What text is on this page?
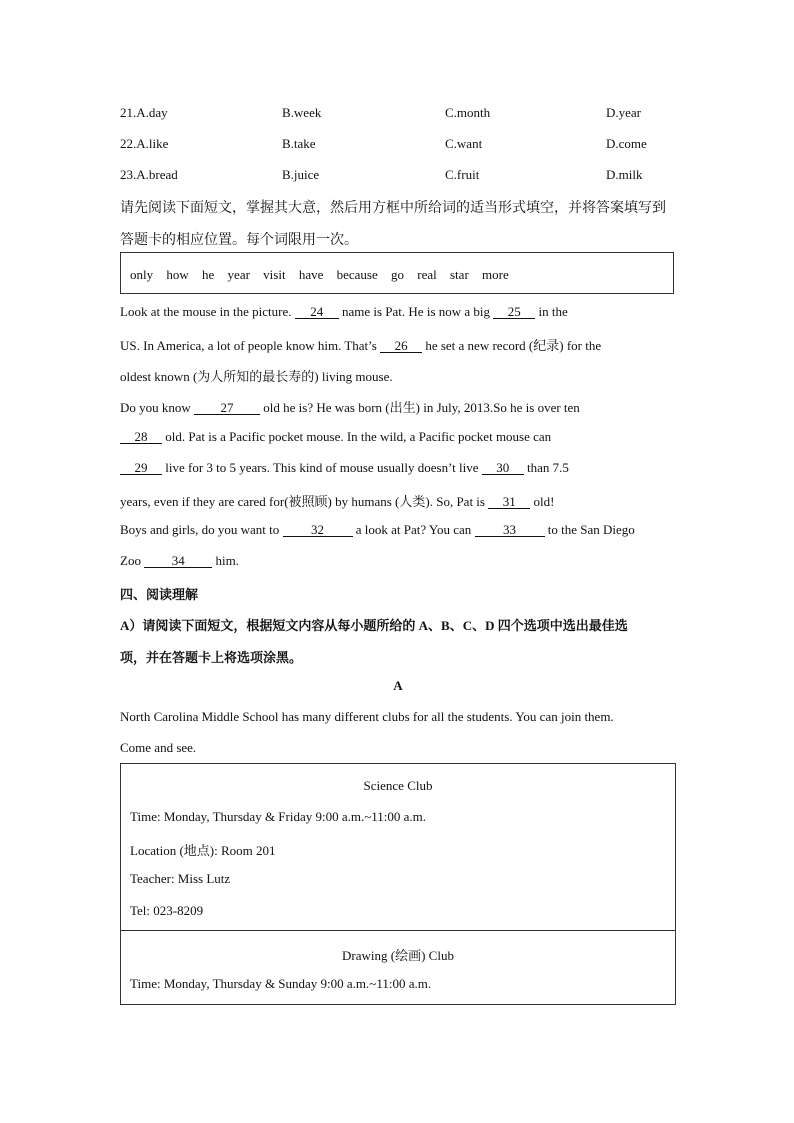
21.A.day	B.week	C.month	D.year
22.A.like	B.take	C.want	D.come
23.A.bread	B.juice	C.fruit	D.milk
请先阅读下面短文，掌握其大意，然后用方框中所给词的适当形式填空，并将答案填写到
答题卡的相应位置。每个词限用一次。
only how he year visit have because go real star more
Look at the mouse in the picture. 24 name is Pat. He is now a big 25 in the
US. In America, a lot of people know him. That’s 26 he set a new record (纪录) for the
oldest known (为人所知的最长寿的) living mouse.
Do you know 27 old he is? He was born (出生) in July, 2013.So he is over ten
28 old. Pat is a Pacific pocket mouse. In the wild, a Pacific pocket mouse can
29 live for 3 to 5 years. This kind of mouse usually doesn’t live 30 than 7.5
years, even if they are cared for(被照顾) by humans (人类). So, Pat is 31 old!
Boys and girls, do you want to 32 a look at Pat? You can 33 to the San Diego
Zoo 34 him.
四、阅读理解
A）请阅读下面短文，根据短文内容从每小题所给的 A、B、C、D 四个选项中选出最佳选
项，并在答题卡上将选项涂黑。
A
North Carolina Middle School has many different clubs for all the students. You can join them.
Come and see.
Science Club
Time: Monday, Thursday & Friday 9:00 a.m.~11:00 a.m.
Location (地点): Room 201
Teacher: Miss Lutz
Tel: 023-8209
Drawing (绘画) Club
Time: Monday, Thursday & Sunday 9:00 a.m.~11:00 a.m.
